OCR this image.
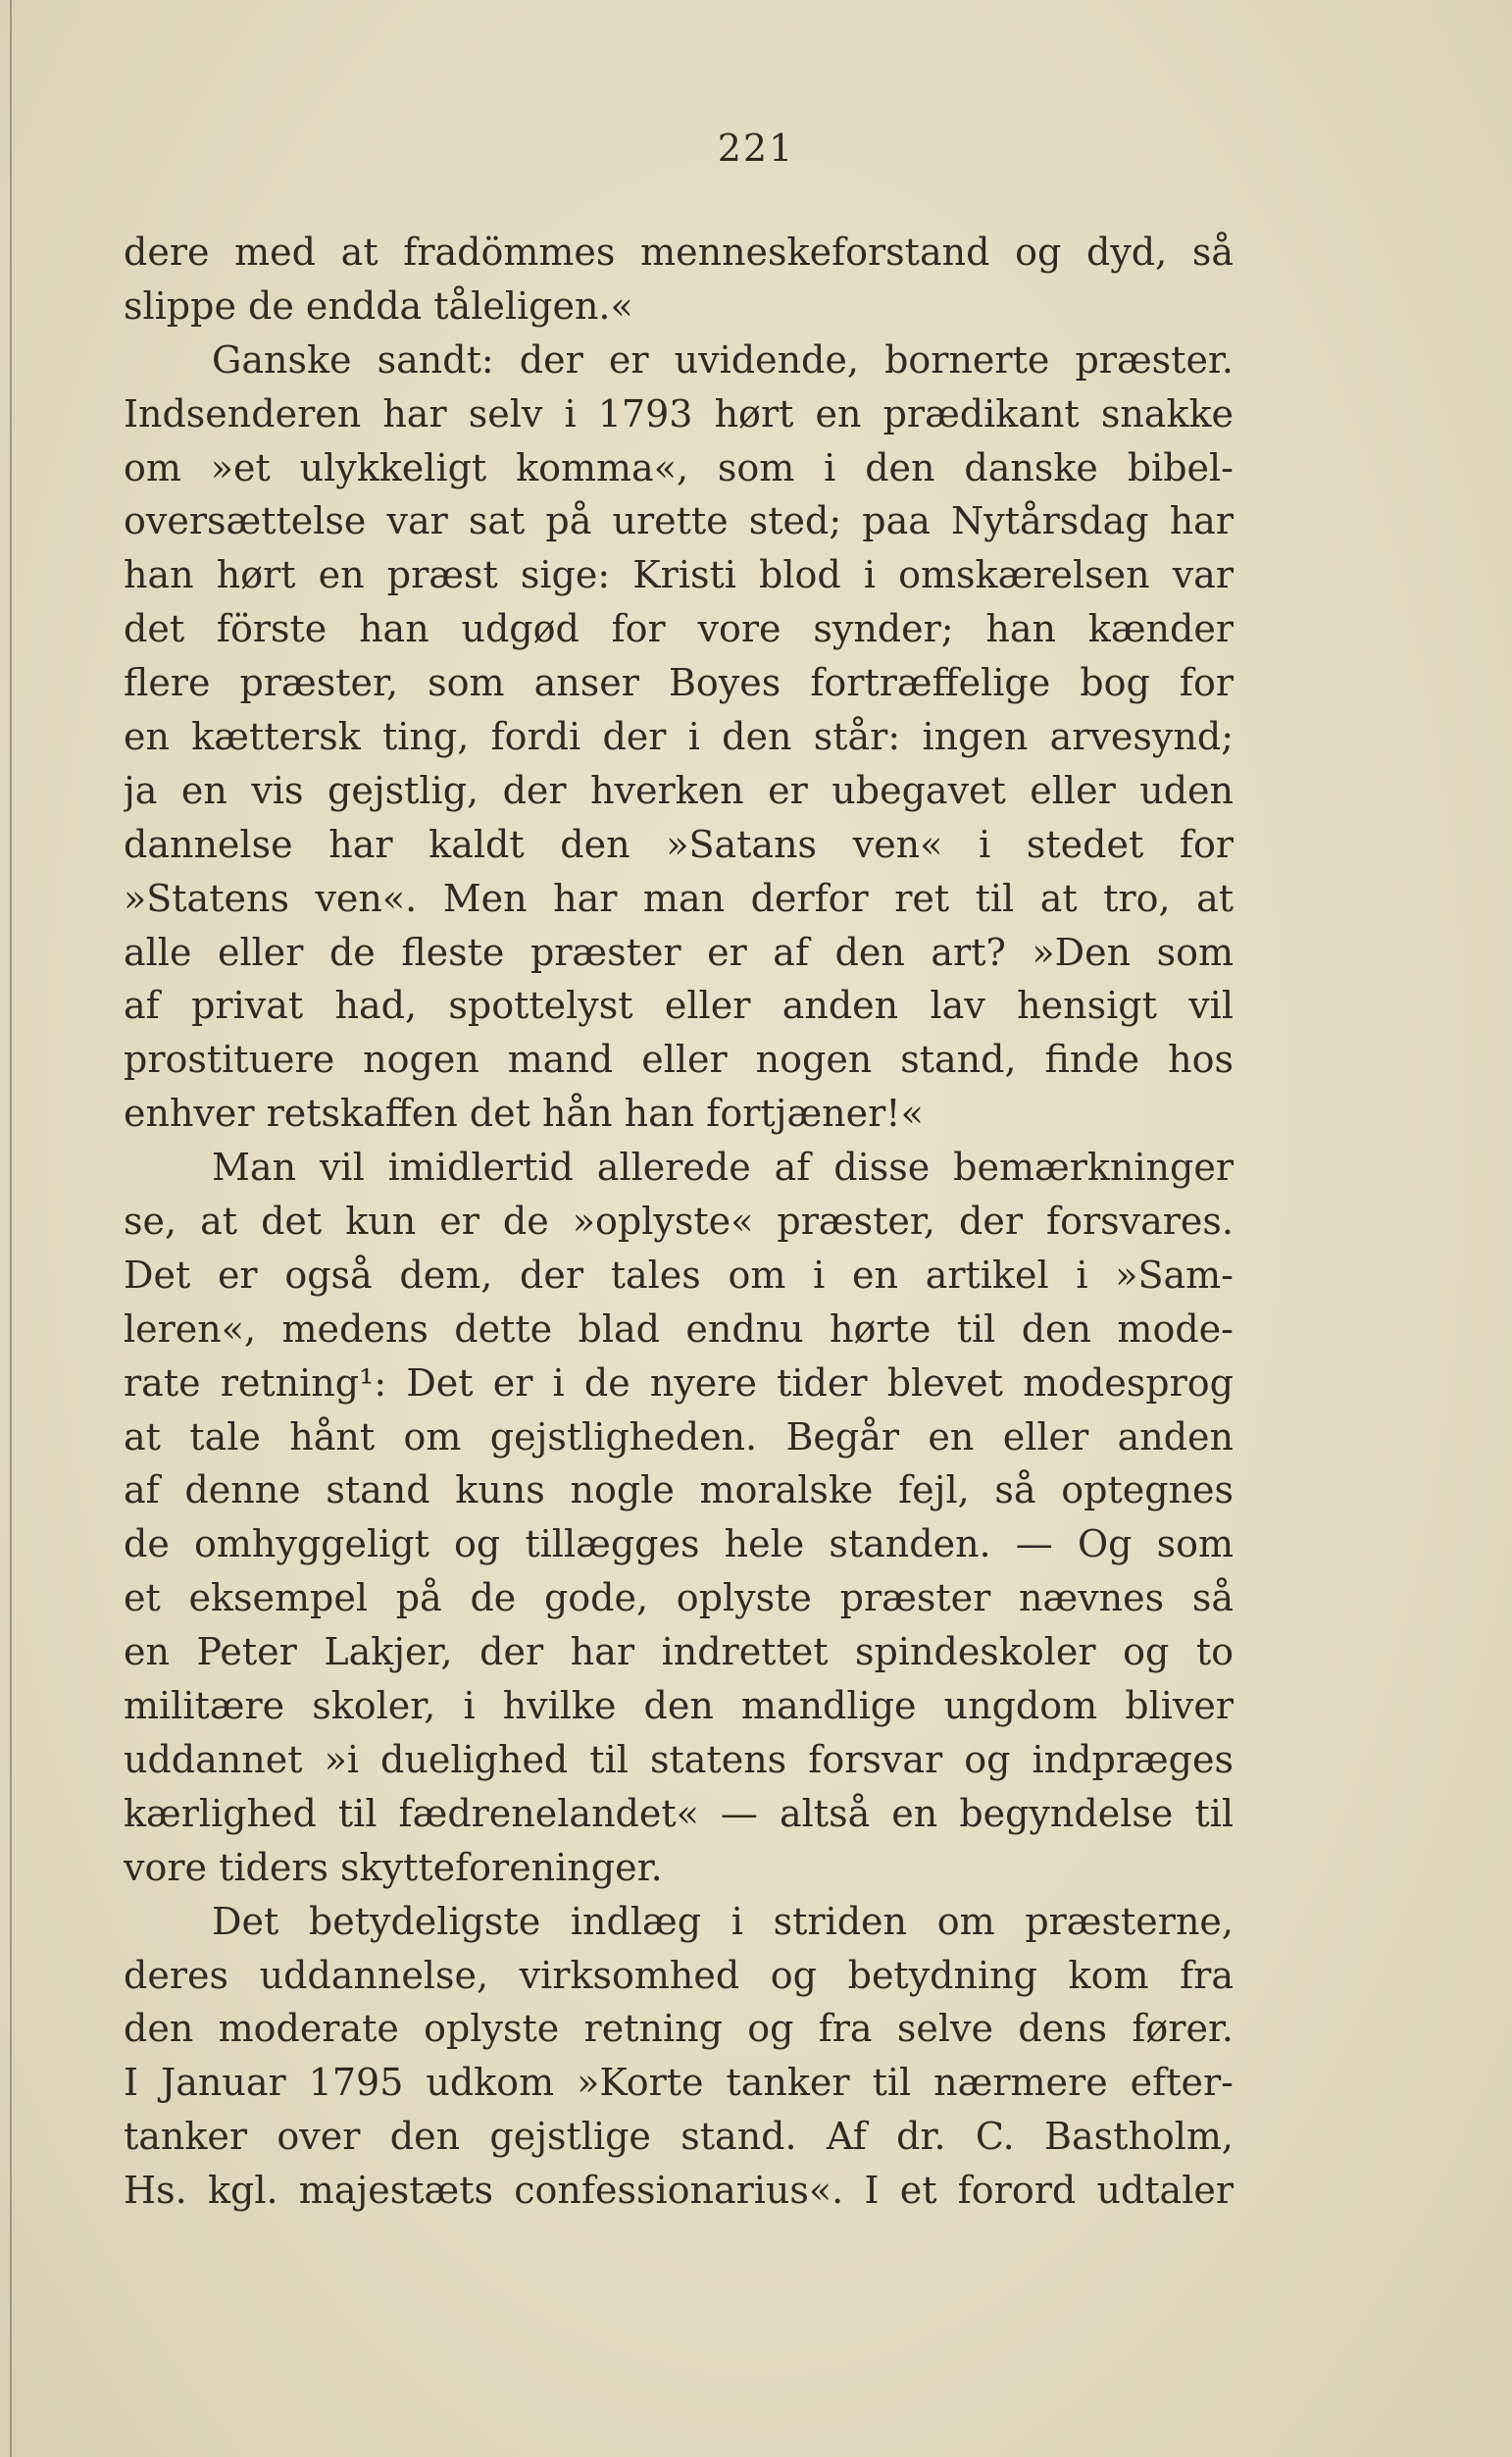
221
dere med at fradömmes menneskeforstand og dyd, så
slippe de endda tåleligen.«
Ganske sandt: der er uvidende, bornerte præster.
Indsenderen har selv i 1793 hørt en prædikant snakke
om »et ulykkeligt komma«, som i den danske bibel-
oversættelse var sat på urette sted; paa Nytårsdag har
han hørt en præst sige: Kristi blod i omskærelsen var
det förste han udgød for vore synder; han kænder
flere præster, som anser Boyes fortræffelige bog for
en kættersk ting, fordi der i den står: ingen arvesynd;
ja en vis gejstlig, der hverken er ubegavet eller uden
dannelse har kaldt den »Satans ven« i stedet for
»Statens ven«. Men har man derfor ret til at tro, at
alle eller de fleste præster er af den art? »Den som
af privat had, spottelyst eller anden lav hensigt vil
prostituere nogen mand eller nogen stand, finde hos
enhver retskaffen det hån han fortjæner!«
Man vil imidlertid allerede af disse bemærkninger
se, at det kun er de »oplyste« præster, der forsvares.
Det er også dem, der tales om i en artikel i »Sam-
leren«, medens dette blad endnu hørte til den mode-
rate retning¹: Det er i de nyere tider blevet modesprog
at tale hånt om gejstligheden. Begår en eller anden
af denne stand kuns nogle moralske fejl, så optegnes
de omhyggeligt og tillægges hele standen. — Og som
et eksempel på de gode, oplyste præster nævnes så
en Peter Lakjer, der har indrettet spindeskoler og to
militære skoler, i hvilke den mandlige ungdom bliver
uddannet »i duelighed til statens forsvar og indpræges
kærlighed til fædrenelandet« — altså en begyndelse til
vore tiders skytteforeninger.
Det betydeligste indlæg i striden om præsterne,
deres uddannelse, virksomhed og betydning kom fra
den moderate oplyste retning og fra selve dens fører.
I Januar 1795 udkom »Korte tanker til nærmere efter-
tanker over den gejstlige stand. Af dr. C. Bastholm,
Hs. kgl. majestæts confessionarius«. I et forord udtaler
